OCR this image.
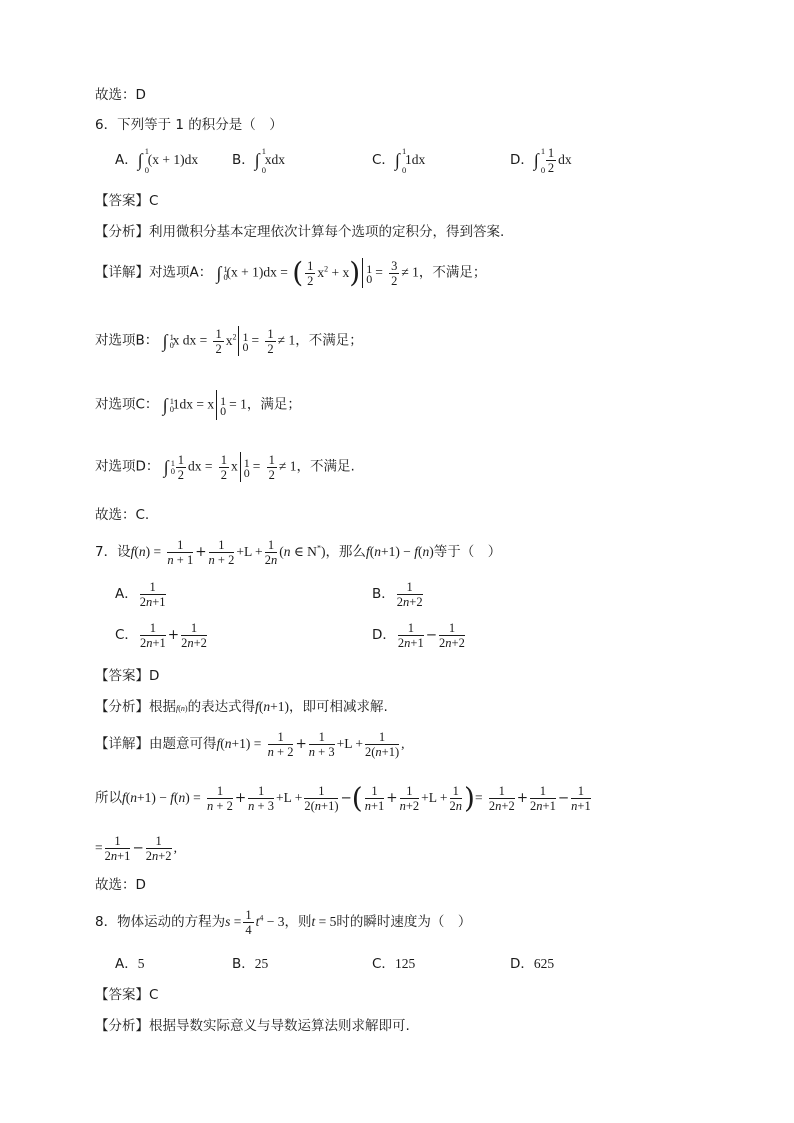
故选：D
6．下列等于 1 的积分是（　）
A．∫ 1
0
(x + 1)dx	B．∫ 1
0
xdx	C．∫ 1
0
1dx	D．∫ 1
$0 \frac{1}{2}$ dx
【答案】C
【分析】利用微积分基本定理依次计算每个选项的定积分，得到答案.
【详解】对选项A： ∫ 1
0
(x + 1)dx = ( $\frac{1}{2} x^2 + x$) 1
$0 = \frac{3}{2} \ne 1$，不满足；
对选项B： ∫ 1
0
x dx = $\frac{1}{2} x^2$ 1
$0 = \frac{1}{2} \ne 1$，不满足；
对选项C： ∫ 1
0
1dx = x 1
0 = 1，满足；
对选项D： ∫ 1
$0 \frac{1}{2}$ dx = $\frac{1}{2}$ x 1
$0 = \frac{1}{2} \ne 1$，不满足.
故选：C.
7．设$f(n) = \frac{1}{n + 1} + \frac{1}{n + 2} +L + \frac{1}{2n} (n$ ∈ N*)，那么f(n+1) − f(n)等于（　）
A． $\frac{1}{2n+1}$	B． $\frac{1}{2n+2}$
C． $\frac{1}{2n+1} + \frac{1}{2n+2}$	D． $\frac{1}{2n+1} - \frac{1}{2n+2}$
【答案】D
【分析】根据f(n)的表达式得f(n+1)，即可相减求解.
【详解】由题意可得$f(n+1) = \frac{1}{n + 2} + \frac{1}{n + 3} +L + \frac{1}{2(n+1)}$ ,
所以$f(n+1) - f(n) = \frac{1}{n + 2} + \frac{1}{n + 3} +L + \frac{1}{2(n+1)}$ −( $\frac{1}{n+1} + \frac{1}{n+2} +L + \frac{1}{2n}$ )= $\frac{1}{2n+2} + \frac{1}{2n+1} - \frac{1}{n+1}$
= $\frac{1}{2n+1} - \frac{1}{2n+2}$ ,
故选：D
8．物体运动的方程为$s = \frac{1}{4} t^4 - 3$，则t = 5时的瞬时速度为（　）
A．5	B．25	C．125	D．625
【答案】C
【分析】根据导数实际意义与导数运算法则求解即可.
